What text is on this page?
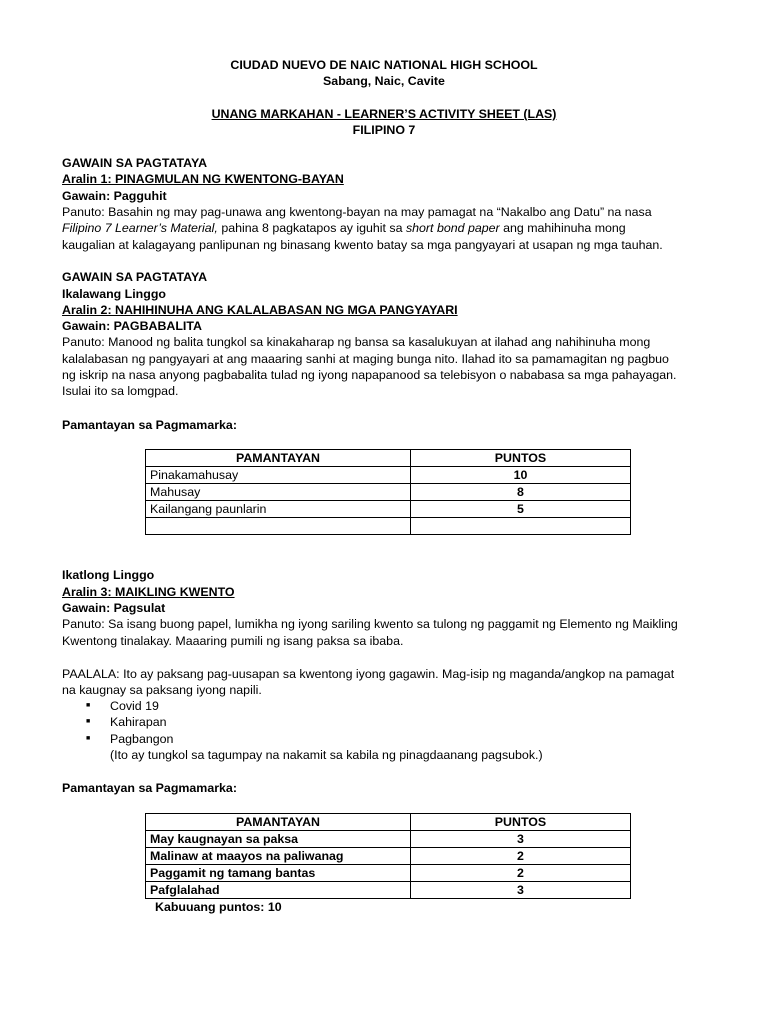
CIUDAD NUEVO DE NAIC NATIONAL HIGH SCHOOL
Sabang, Naic, Cavite
UNANG MARKAHAN - LEARNER’S ACTIVITY SHEET (LAS)
FILIPINO 7
GAWAIN SA PAGTATAYA
Aralin 1: PINAGMULAN NG KWENTONG-BAYAN
Gawain: Pagguhit
Panuto: Basahin ng may pag-unawa ang kwentong-bayan na may pamagat na “Nakalbo ang Datu” na nasa
Filipino 7 Learner’s Material, pahina 8 pagkatapos ay iguhit sa short bond paper ang mahihinuha mong
kaugalian at kalagayang panlipunan ng binasang kwento batay sa mga pangyayari at usapan ng mga tauhan.
GAWAIN SA PAGTATAYA
Ikalawang Linggo
Aralin 2: NAHIHINUHA ANG KALALABASAN NG MGA PANGYAYARI
Gawain: PAGBABALITA
Panuto: Manood ng balita tungkol sa kinakaharap ng bansa sa kasalukuyan at ilahad ang nahihinuha mong
kalalabasan ng pangyayari at ang maaaring sanhi at maging bunga nito. Ilahad ito sa pamamagitan ng pagbuo
ng iskrip na nasa anyong pagbabalita tulad ng iyong napapanood sa telebisyon o nababasa sa mga pahayagan.
Isulai ito sa lomgpad.
Pamantayan sa Pagmamarka:
PAMANTAYAN	PUNTOS
Pinakamahusay	10
Mahusay	8
Kailangang paunlarin	5

Ikatlong Linggo
Aralin 3: MAIKLING KWENTO
Gawain: Pagsulat
Panuto: Sa isang buong papel, lumikha ng iyong sariling kwento sa tulong ng paggamit ng Elemento ng Maikling
Kwentong tinalakay. Maaaring pumili ng isang paksa sa ibaba.
PAALALA: Ito ay paksang pag-uusapan sa kwentong iyong gagawin. Mag-isip ng maganda/angkop na pamagat
na kaugnay sa paksang iyong napili.
■ Covid 19
■ Kahirapan
■ Pagbangon
(Ito ay tungkol sa tagumpay na nakamit sa kabila ng pinagdaanang pagsubok.)
Pamantayan sa Pagmamarka:
PAMANTAYAN	PUNTOS
May kaugnayan sa paksa	3
Malinaw at maayos na paliwanag	2
Paggamit ng tamang bantas	2
Pafglalahad	3
Kabuuang puntos: 10
